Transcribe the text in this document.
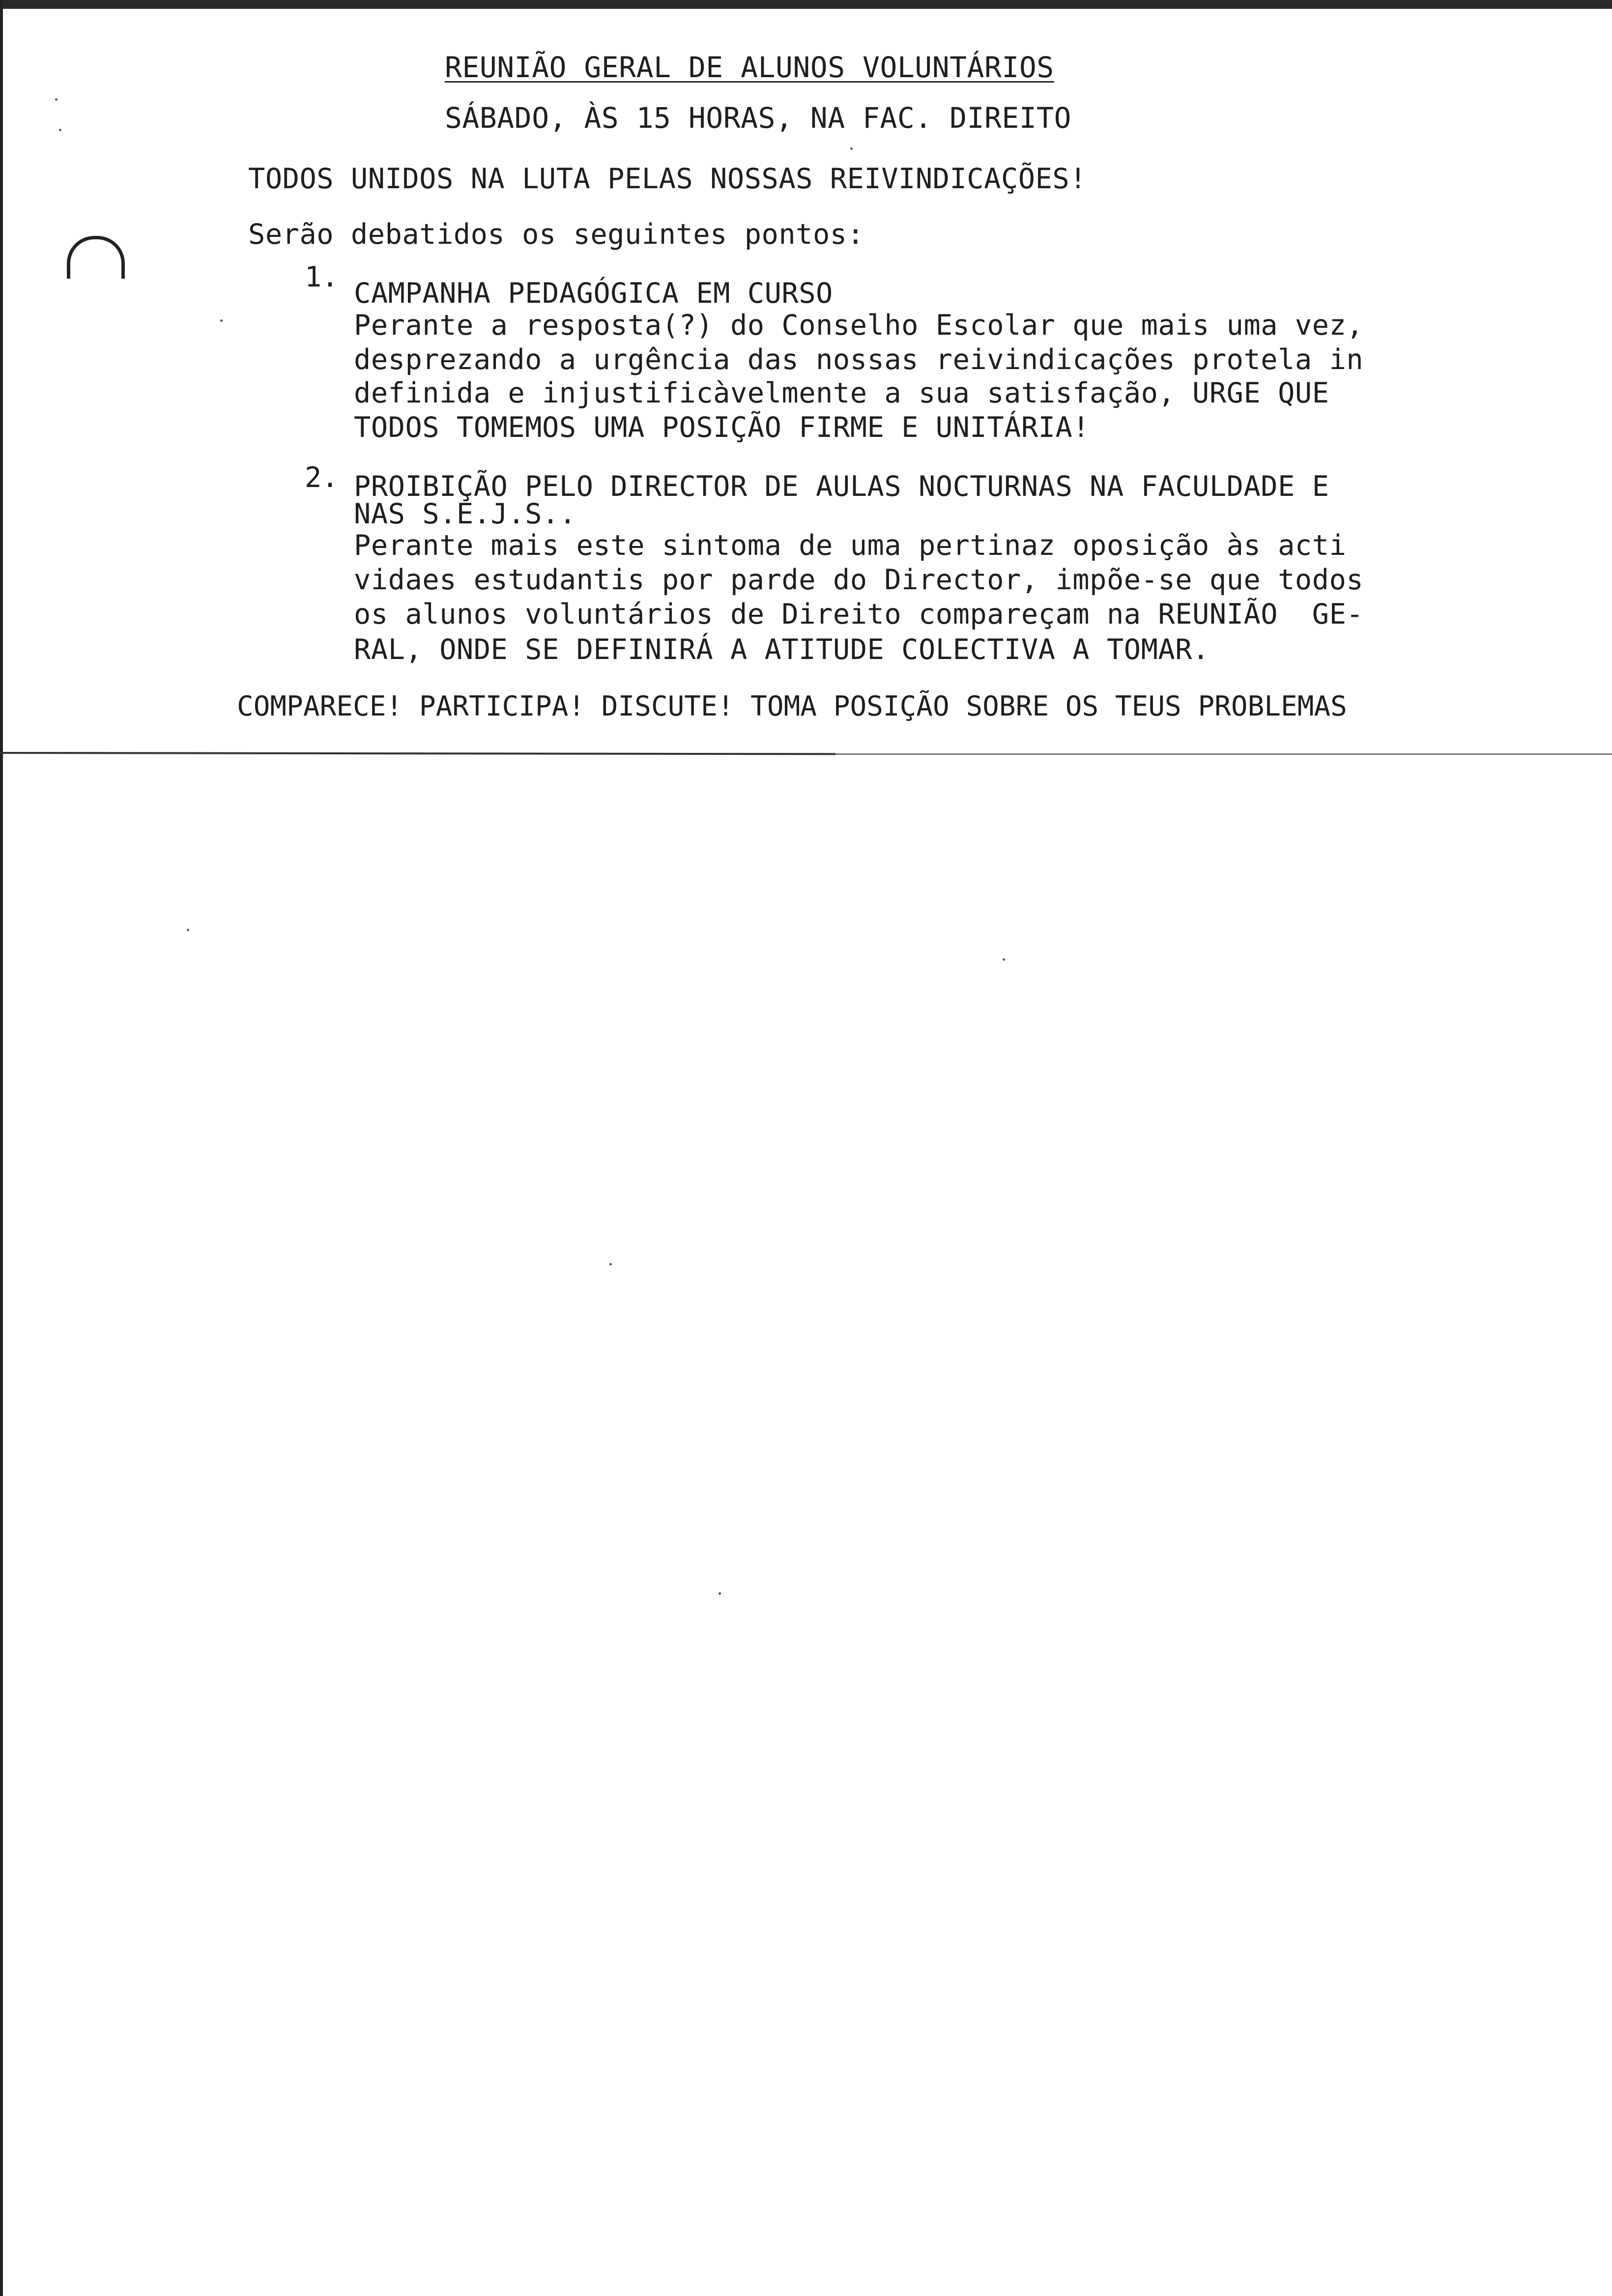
REUNIÃO GERAL DE ALUNOS VOLUNTÁRIOS
SÁBADO, ÀS 15 HORAS, NA FAC. DIREITO
TODOS UNIDOS NA LUTA PELAS NOSSAS REIVINDICAÇÕES!
Serão debatidos os seguintes pontos:
1. CAMPANHA PEDAGÓGICA EM CURSO
Perante a resposta(?) do Conselho Escolar que mais uma vez,
desprezando a urgência das nossas reivindicações protela in
definida e injustificàvelmente a sua satisfação, URGE QUE
TODOS TOMEMOS UMA POSIÇÃO FIRME E UNITÁRIA!
2. PROIBIÇÃO PELO DIRECTOR DE AULAS NOCTURNAS NA FACULDADE E
NAS S.E.J.S..
Perante mais este sintoma de uma pertinaz oposição às acti
vidaes estudantis por parde do Director, impõe-se que todos
os alunos voluntários de Direito compareçam na REUNIÃO  GE-
RAL, ONDE SE DEFINIRÁ A ATITUDE COLECTIVA A TOMAR.
COMPARECE! PARTICIPA! DISCUTE! TOMA POSIÇÃO SOBRE OS TEUS PROBLEMAS
